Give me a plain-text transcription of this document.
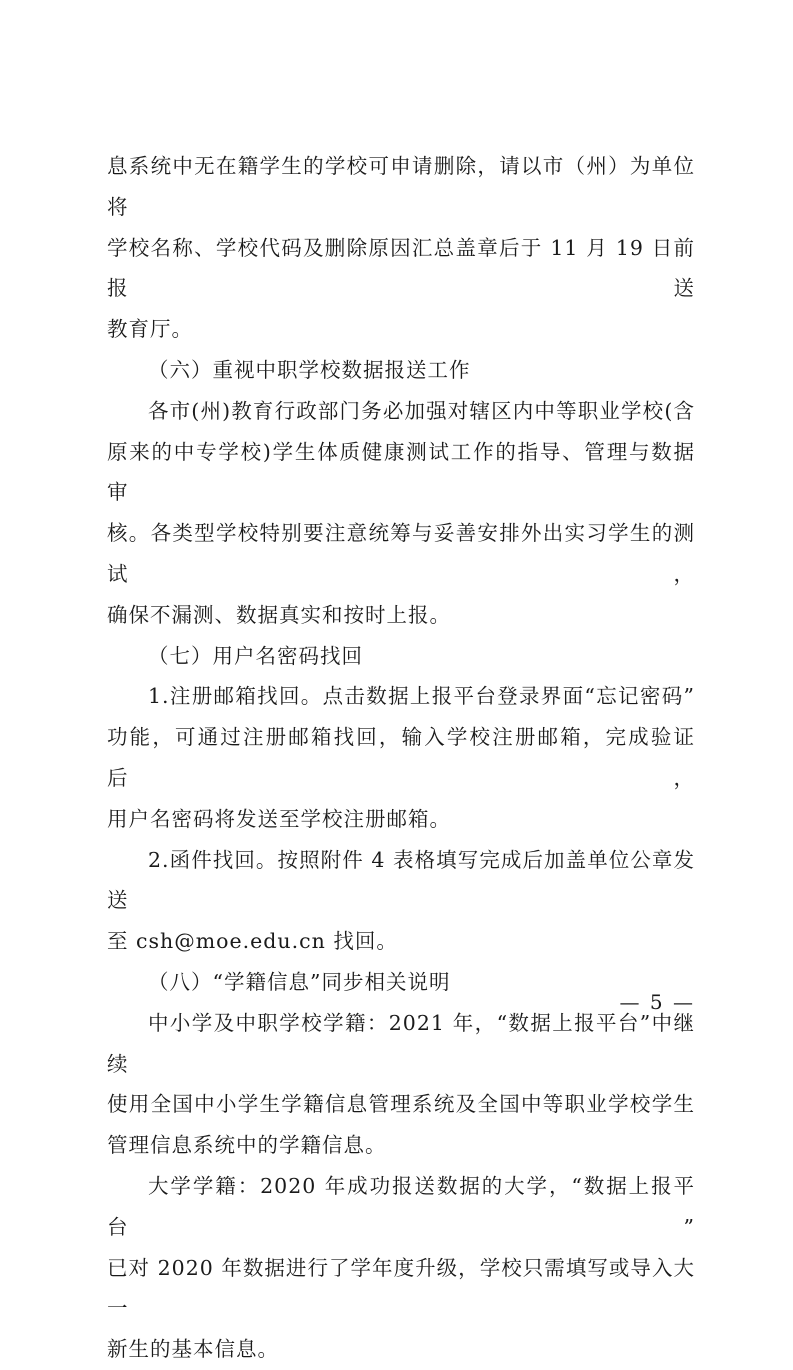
息系统中无在籍学生的学校可申请删除，请以市（州）为单位将

学校名称、学校代码及删除原因汇总盖章后于 11 月 19 日前报送

教育厅。

（六）重视中职学校数据报送工作

各市(州)教育行政部门务必加强对辖区内中等职业学校(含

原来的中专学校)学生体质健康测试工作的指导、管理与数据审

核。各类型学校特别要注意统筹与妥善安排外出实习学生的测试，

确保不漏测、数据真实和按时上报。

（七）用户名密码找回

1.注册邮箱找回。点击数据上报平台登录界面“忘记密码”

功能，可通过注册邮箱找回，输入学校注册邮箱，完成验证后，

用户名密码将发送至学校注册邮箱。

2.函件找回。按照附件 4 表格填写完成后加盖单位公章发送

至 csh@moe.edu.cn 找回。

（八）“学籍信息”同步相关说明

中小学及中职学校学籍：2021 年，“数据上报平台”中继续

使用全国中小学生学籍信息管理系统及全国中等职业学校学生

管理信息系统中的学籍信息。

大学学籍：2020 年成功报送数据的大学，“数据上报平台”

已对 2020 年数据进行了学年度升级，学校只需填写或导入大一

新生的基本信息。

— 5 —
